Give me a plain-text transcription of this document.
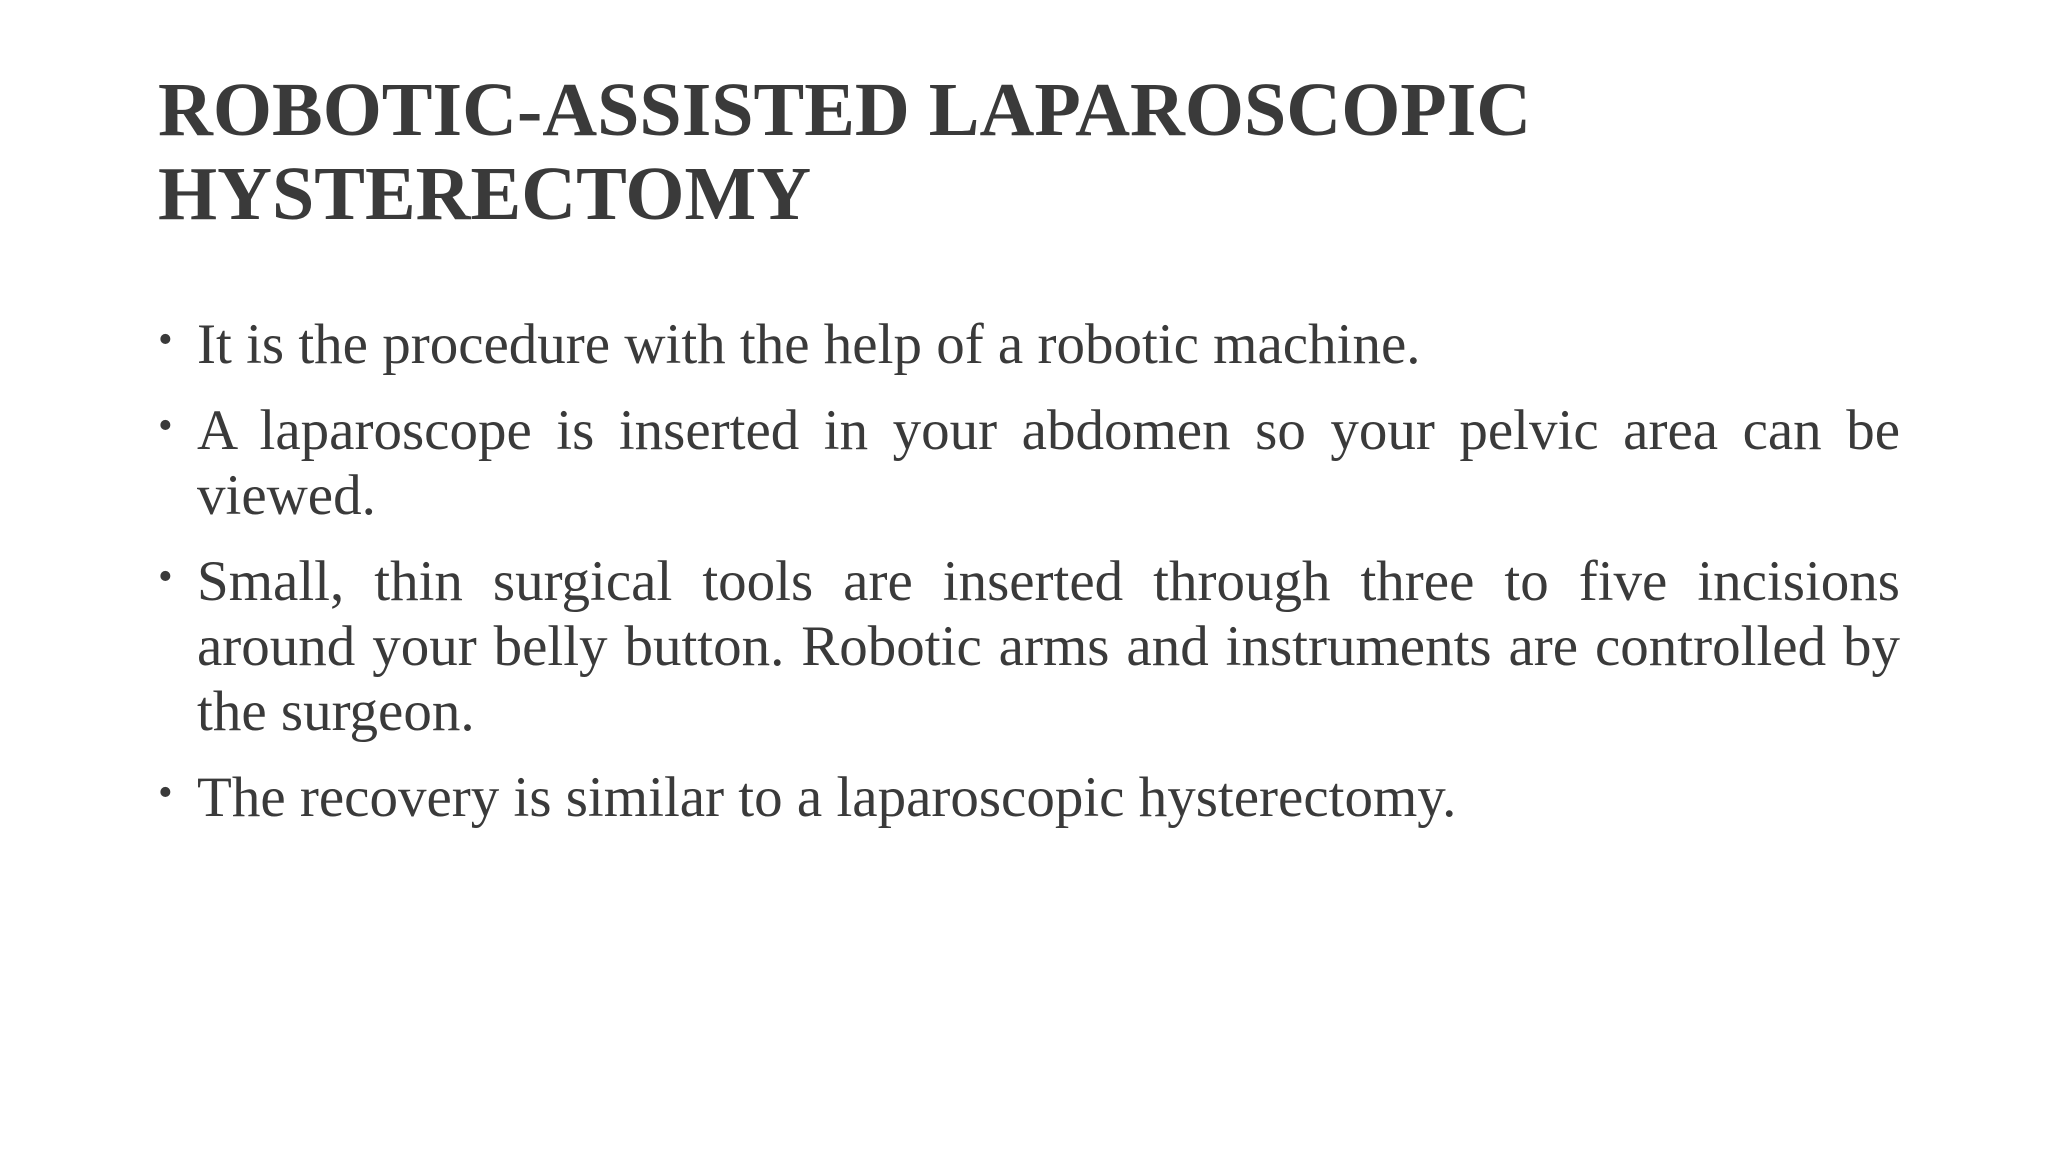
ROBOTIC-ASSISTED LAPAROSCOPIC HYSTERECTOMY
• It is the procedure with the help of a robotic machine.
• A laparoscope is inserted in your abdomen so your pelvic area can be viewed.
• Small, thin surgical tools are inserted through three to five incisions around your belly button. Robotic arms and instruments are controlled by the surgeon.
• The recovery is similar to a laparoscopic hysterectomy.
